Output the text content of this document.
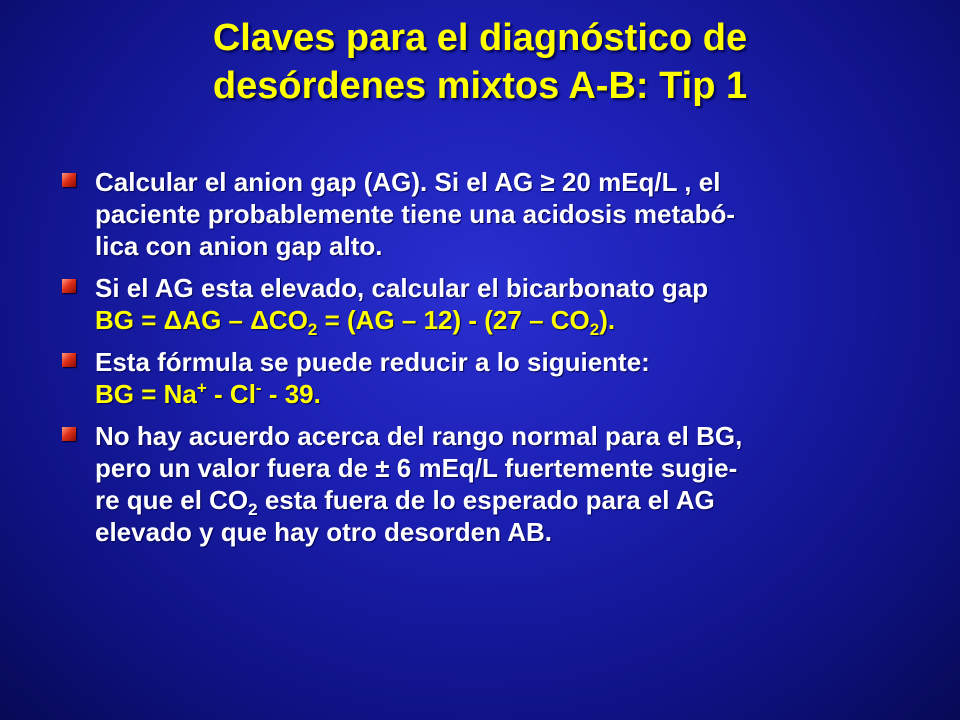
Claves para el diagnóstico de
desórdenes mixtos A-B: Tip 1
Calcular el anion gap (AG). Si el AG ≥ 20 mEq/L , el
paciente probablemente tiene una acidosis metabó-
lica con anion gap alto.
Si el AG esta elevado, calcular el bicarbonato gap
BG = $\Delta AG - \Delta CO_2 = (AG - 12) - (27 - CO_2)$.
Esta fórmula se puede reducir a lo siguiente:
BG = Na+ - Cl- - 39.
No hay acuerdo acerca del rango normal para el BG,
pero un valor fuera de ± 6 mEq/L fuertemente sugie-
re que el $CO_2$ esta fuera de lo esperado para el AG
elevado y que hay otro desorden AB.
